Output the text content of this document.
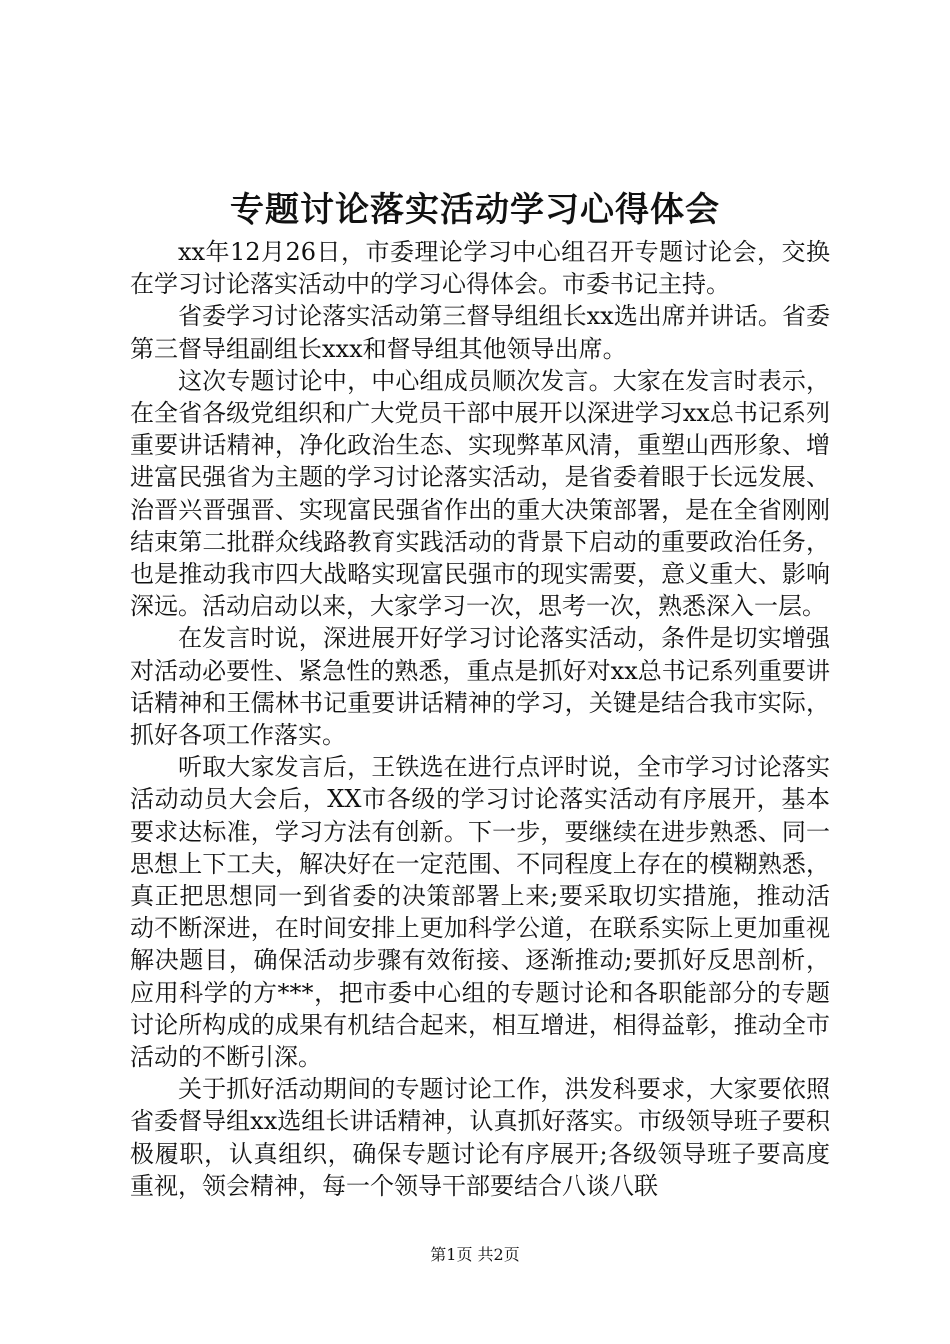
专题讨论落实活动学习心得体会

xx年12月26日，市委理论学习中心组召开专题讨论会，交换在学习讨论落实活动中的学习心得体会。市委书记主持。

省委学习讨论落实活动第三督导组组长xx选出席并讲话。省委第三督导组副组长xxx和督导组其他领导出席。

这次专题讨论中，中心组成员顺次发言。大家在发言时表示，在全省各级党组织和广大党员干部中展开以深进学习xx总书记系列重要讲话精神，净化政治生态、实现弊革风清，重塑山西形象、增进富民强省为主题的学习讨论落实活动，是省委着眼于长远发展、治晋兴晋强晋、实现富民强省作出的重大决策部署，是在全省刚刚结束第二批群众线路教育实践活动的背景下启动的重要政治任务，也是推动我市四大战略实现富民强市的现实需要，意义重大、影响深远。活动启动以来，大家学习一次，思考一次，熟悉深入一层。

在发言时说，深进展开好学习讨论落实活动，条件是切实增强对活动必要性、紧急性的熟悉，重点是抓好对xx总书记系列重要讲话精神和王儒林书记重要讲话精神的学习，关键是结合我市实际，抓好各项工作落实。

听取大家发言后，王铁选在进行点评时说，全市学习讨论落实活动动员大会后，XX市各级的学习讨论落实活动有序展开，基本要求达标准，学习方法有创新。下一步，要继续在进步熟悉、同一思想上下工夫，解决好在一定范围、不同程度上存在的模糊熟悉，真正把思想同一到省委的决策部署上来;要采取切实措施，推动活动不断深进，在时间安排上更加科学公道，在联系实际上更加重视解决题目，确保活动步骤有效衔接、逐渐推动;要抓好反思剖析，应用科学的方***，把市委中心组的专题讨论和各职能部分的专题讨论所构成的成果有机结合起来，相互增进，相得益彰，推动全市活动的不断引深。

关于抓好活动期间的专题讨论工作，洪发科要求，大家要依照省委督导组xx选组长讲话精神，认真抓好落实。市级领导班子要积极履职，认真组织，确保专题讨论有序展开;各级领导班子要高度重视，领会精神，每一个领导干部要结合八谈八联

第1页 共2页
